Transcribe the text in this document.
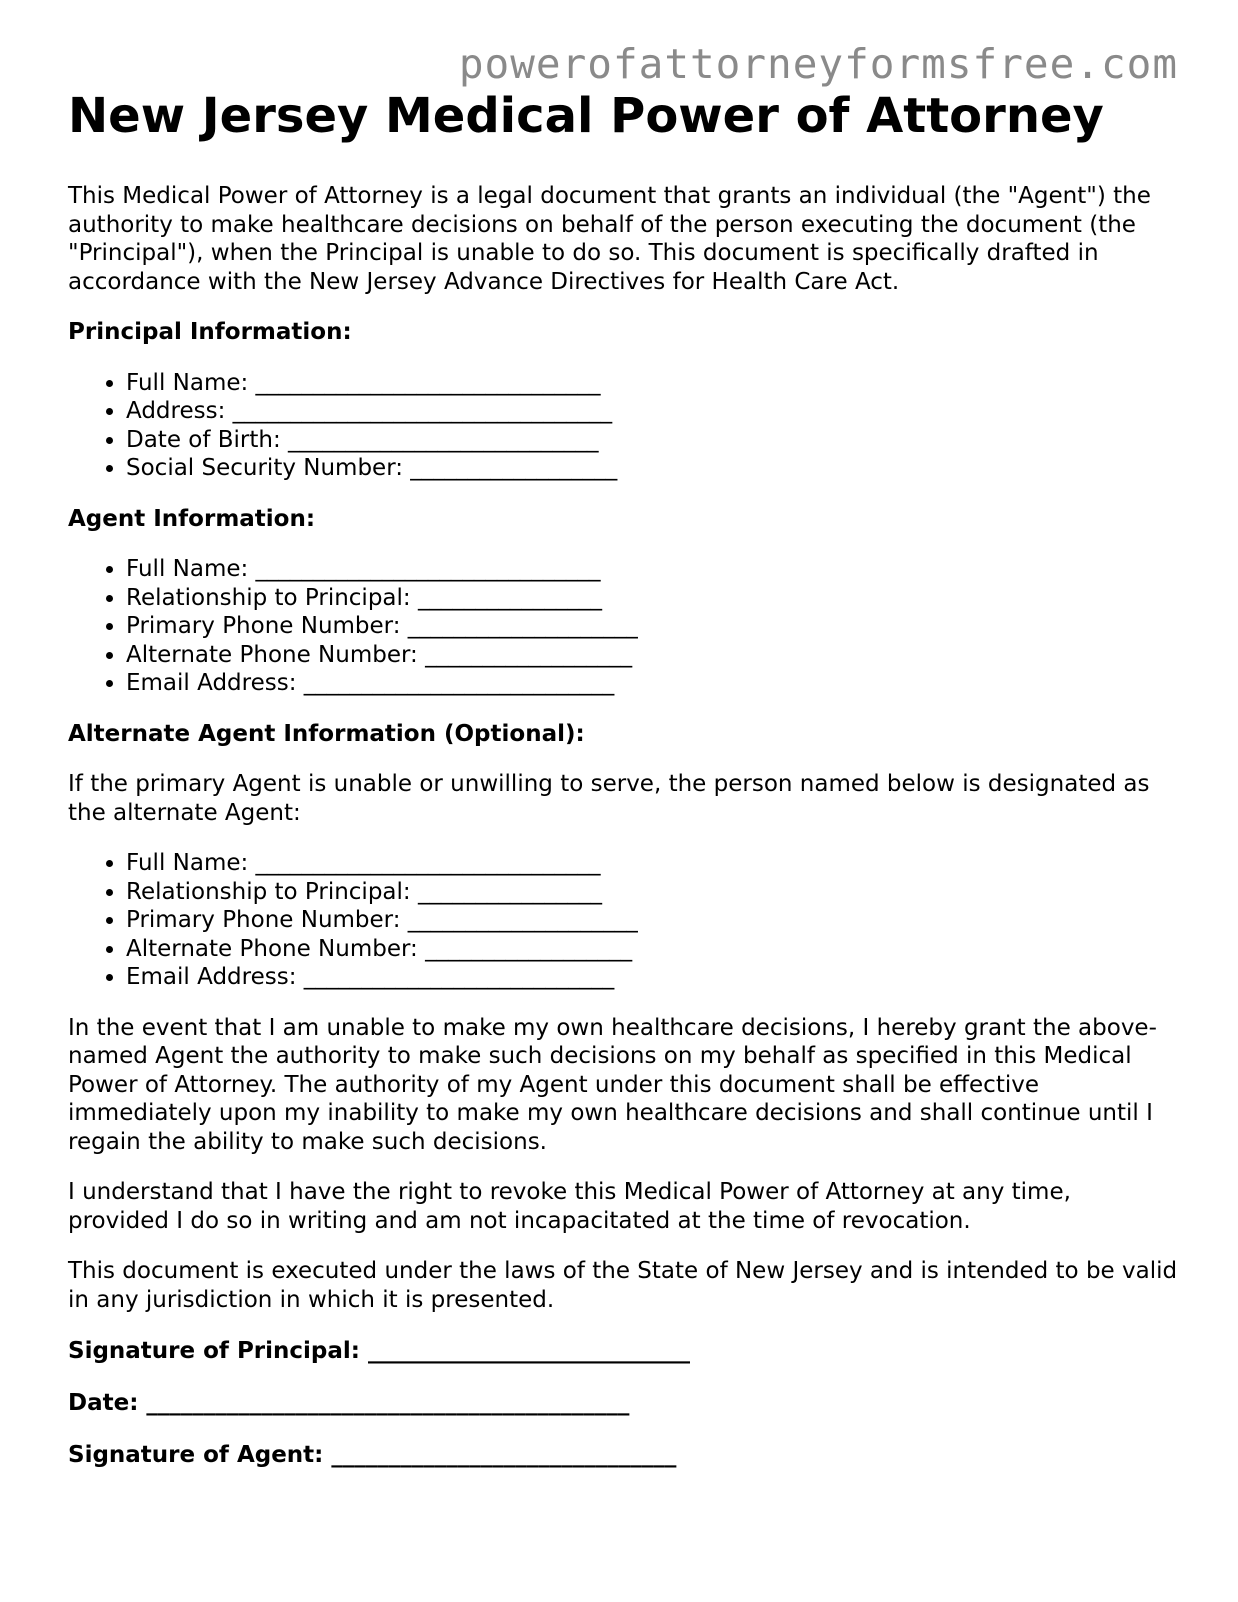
powerofattorneyformsfree.com
New Jersey Medical Power of Attorney

This Medical Power of Attorney is a legal document that grants an individual (the "Agent") the authority to make healthcare decisions on behalf of the person executing the document (the "Principal"), when the Principal is unable to do so. This document is specifically drafted in accordance with the New Jersey Advance Directives for Health Care Act.

Principal Information:
• Full Name: ______________________________
• Address: _________________________________
• Date of Birth: ___________________________
• Social Security Number: __________________
Agent Information:
• Full Name: ______________________________
• Relationship to Principal: ________________
• Primary Phone Number: ____________________
• Alternate Phone Number: __________________
• Email Address: ___________________________
Alternate Agent Information (Optional):

If the primary Agent is unable or unwilling to serve, the person named below is designated as the alternate Agent:

• Full Name: ______________________________
• Relationship to Principal: ________________
• Primary Phone Number: ____________________
• Alternate Phone Number: __________________
• Email Address: ___________________________

In the event that I am unable to make my own healthcare decisions, I hereby grant the above-named Agent the authority to make such decisions on my behalf as specified in this Medical Power of Attorney. The authority of my Agent under this document shall be effective immediately upon my inability to make my own healthcare decisions and shall continue until I regain the ability to make such decisions.

I understand that I have the right to revoke this Medical Power of Attorney at any time, provided I do so in writing and am not incapacitated at the time of revocation.

This document is executed under the laws of the State of New Jersey and is intended to be valid in any jurisdiction in which it is presented.

Signature of Principal: ____________________________
Date: __________________________________________
Signature of Agent: ______________________________
